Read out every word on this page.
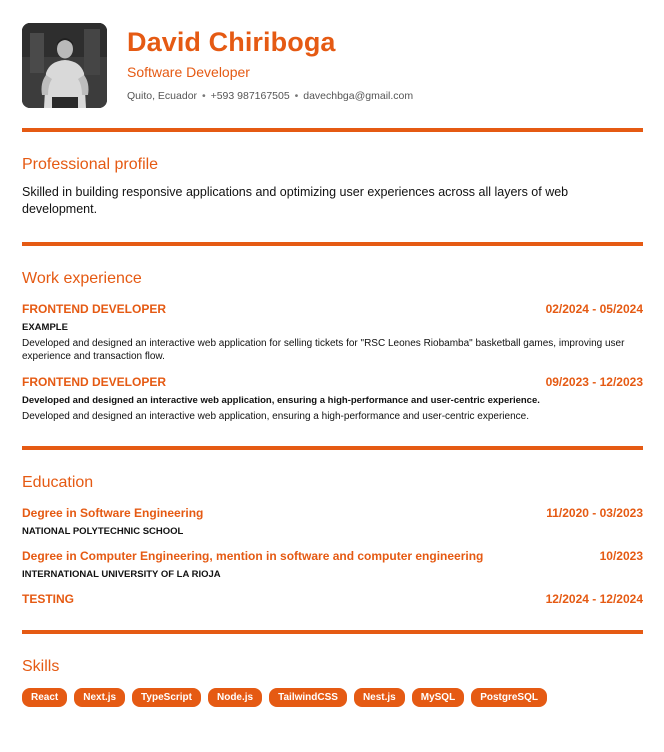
David Chiriboga
Software Developer
Quito, Ecuador • +593 987167505 • davechbga@gmail.com
Professional profile
Skilled in building responsive applications and optimizing user experiences across all layers of web development.
Work experience
FRONTEND DEVELOPER	02/2024 - 05/2024
EXAMPLE
Developed and designed an interactive web application for selling tickets for "RSC Leones Riobamba" basketball games, improving user experience and transaction flow.
FRONTEND DEVELOPER	09/2023 - 12/2023
Developed and designed an interactive web application, ensuring a high-performance and user-centric experience.
Developed and designed an interactive web application, ensuring a high-performance and user-centric experience.
Education
Degree in Software Engineering	11/2020 - 03/2023
NATIONAL POLYTECHNIC SCHOOL
Degree in Computer Engineering, mention in software and computer engineering	10/2023
INTERNATIONAL UNIVERSITY OF LA RIOJA
TESTING	12/2024 - 12/2024
Skills
React	Next.js	TypeScript	Node.js	TailwindCSS	Nest.js	MySQL	PostgreSQL
